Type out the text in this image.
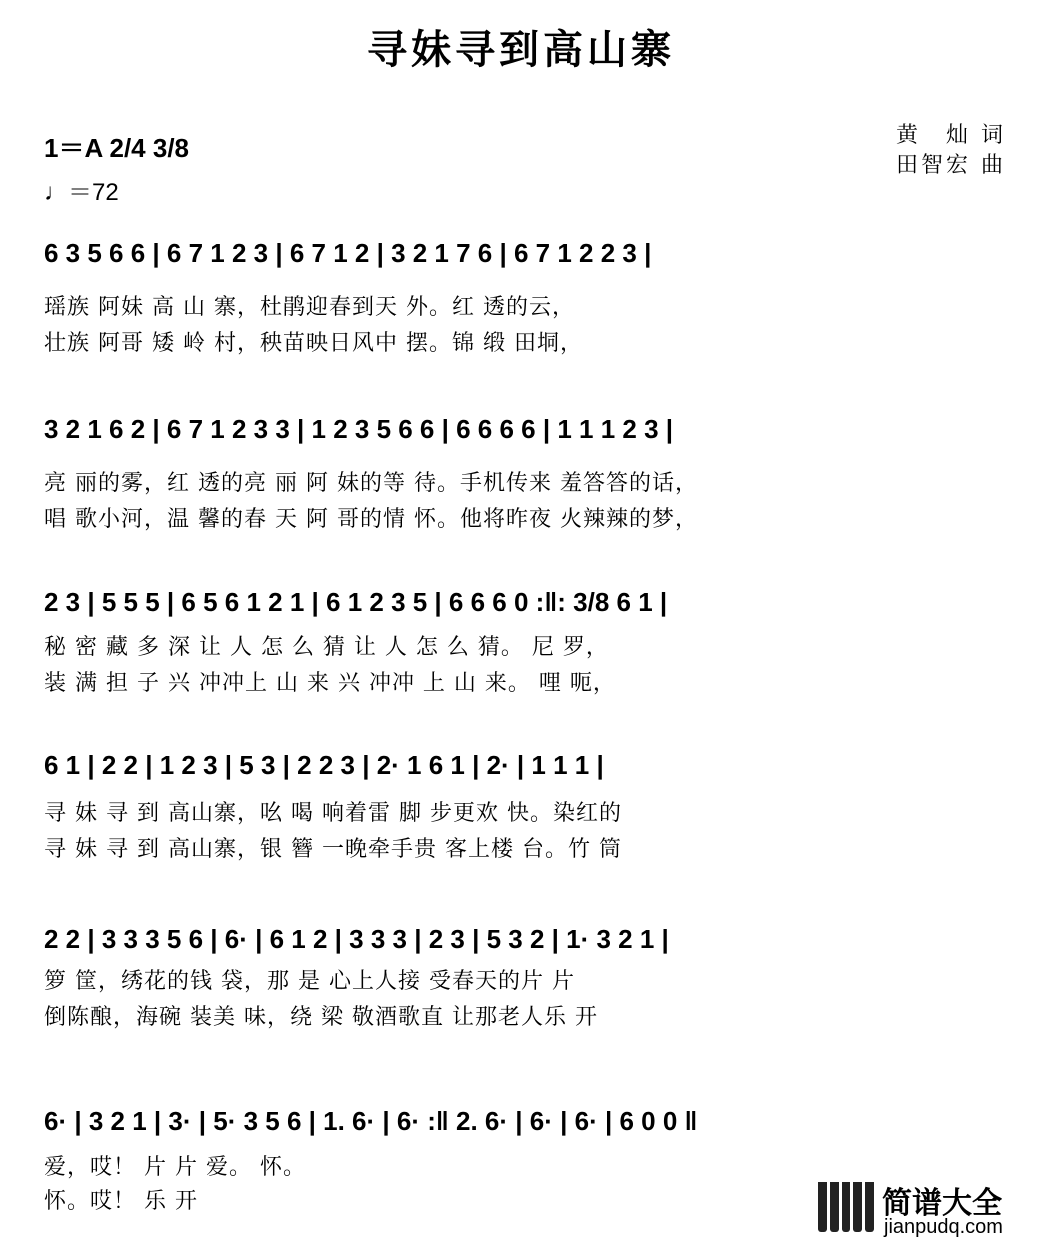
寻妹寻到高山寨
1＝A 2/4 3/8
♩＝72
黄　灿 词
田智宏 曲
6 3 5 6 6 | 6 7 1 2 3 | 6 7 1 2 | 3 2 1 7 6 | 6 7 1 2 2 3 |
瑶族 阿妹 高 山 寨，杜鹃迎春到天 外。红 透的云，
壮族 阿哥 矮 岭 村，秧苗映日风中 摆。锦 缎 田垌，
3 2 1 6 2 | 6 7 1 2 3 3 | 1 2 3 5 6 6 | 6 6 6 6 | 1 1 1 2 3 |
亮 丽的雾，红 透的亮 丽 阿 妹的等 待。手机传来 羞答答的话，
唱 歌小河，温 馨的春 天 阿 哥的情 怀。他将昨夜 火辣辣的梦，
2 3 | 5 5 5 | 6 5 6 1 2 1 | 6 1 2 3 5 | 6 6 6 0 :‖: 3/8 6 1 |
秘 密 藏 多 深 让 人 怎 么 猜 让 人 怎 么 猜。 尼 罗，
装 满 担 子 兴 冲冲上 山 来 兴 冲冲 上 山 来。 哩 呃，
6 1 | 2 2 | 1 2 3 | 5 3 | 2 2 3 | 2· 1 6 1 | 2· | 1 1 1 |
寻 妹 寻 到 高山寨，吆 喝 响着雷 脚 步更欢 快。染红的
寻 妹 寻 到 高山寨，银 簪 一晚牵手贵 客上楼 台。竹 筒
2 2 | 3 3 3 5 6 | 6· | 6 1 2 | 3 3 3 | 2 3 | 5 3 2 | 1· 3 2 1 |
箩 筐，绣花的钱 袋，那 是 心上人接 受春天的片 片
倒陈酿，海碗 装美 味，绕 梁 敬酒歌直 让那老人乐 开
6· | 3 2 1 | 3· | 5· 3 5 6 | 1. 6· | 6· :‖ 2. 6· | 6· | 6· | 6 0 0 ‖
爱，哎！ 片 片 爱。 怀。
怀。哎！ 乐 开	简谱大全
jianpudq.com
